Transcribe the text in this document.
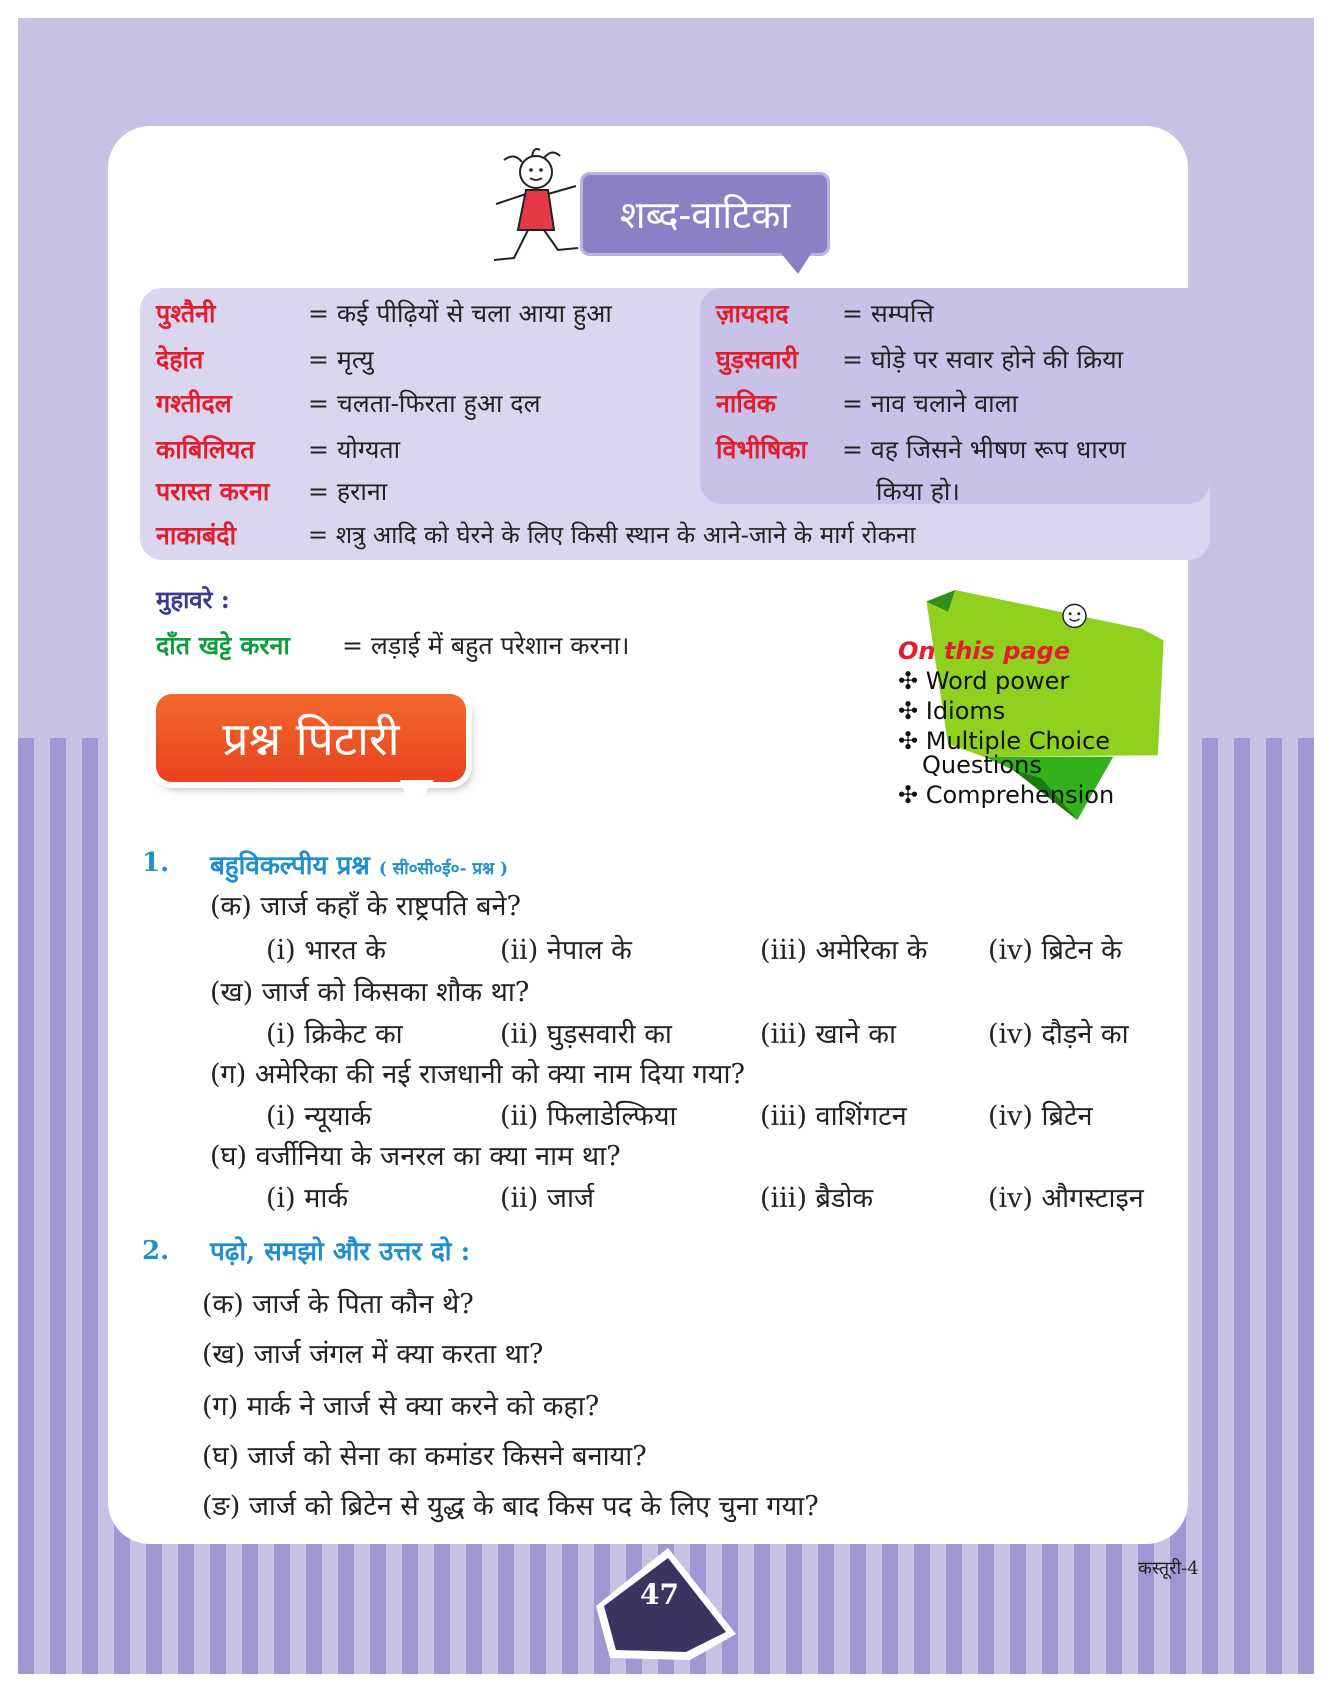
शब्द-वाटिका
पुश्तैनी	= कई पीढ़ियों से चला आया हुआ
देहांत	= मृत्यु
गश्तीदल	= चलता-फिरता हुआ दल
काबिलियत = योग्यता
परास्त करना = हराना
नाकाबंदी	= शत्रु आदि को घेरने के लिए किसी स्थान के आने-जाने के मार्ग रोकना
ज़ायदाद = सम्पत्ति
घुड़सवारी = घोड़े पर सवार होने की क्रिया
नाविक	= नाव चलाने वाला
विभीषिका = वह जिसने भीषण रूप धारण
किया हो।
मुहावरे :
दाँत खट्टे करना = लड़ाई में बहुत परेशान करना।
प्रश्न पिटारी
On this page
✣ Word power
✣ Idioms
✣ Multiple Choice
Questions
✣ Comprehension
1. बहुविकल्पीय प्रश्न ( सी०सी०ई०- प्रश्न )
(क) जार्ज कहाँ के राष्ट्रपति बने?
(i) भारत के	(ii) नेपाल के	(iii) अमेरिका के (iv) ब्रिटेन के
(ख) जार्ज को किसका शौक था?
(i) क्रिकेट का	(ii) घुड़सवारी का	(iii) खाने का	(iv) दौड़ने का
(ग) अमेरिका की नई राजधानी को क्या नाम दिया गया?
(i) न्यूयार्क	(ii) फिलाडेल्फिया	(iii) वाशिंगटन	(iv) ब्रिटेन
(घ) वर्जीनिया के जनरल का क्या नाम था?
(i) मार्क	(ii) जार्ज	(iii) ब्रैडोक	(iv) औगस्टाइन
2. पढ़ो, समझो और उत्तर दो :
(क) जार्ज के पिता कौन थे?
(ख) जार्ज जंगल में क्या करता था?
(ग) मार्क ने जार्ज से क्या करने को कहा?
(घ) जार्ज को सेना का कमांडर किसने बनाया?
(ङ) जार्ज को ब्रिटेन से युद्ध के बाद किस पद के लिए चुना गया?
47
कस्तूरी-4
